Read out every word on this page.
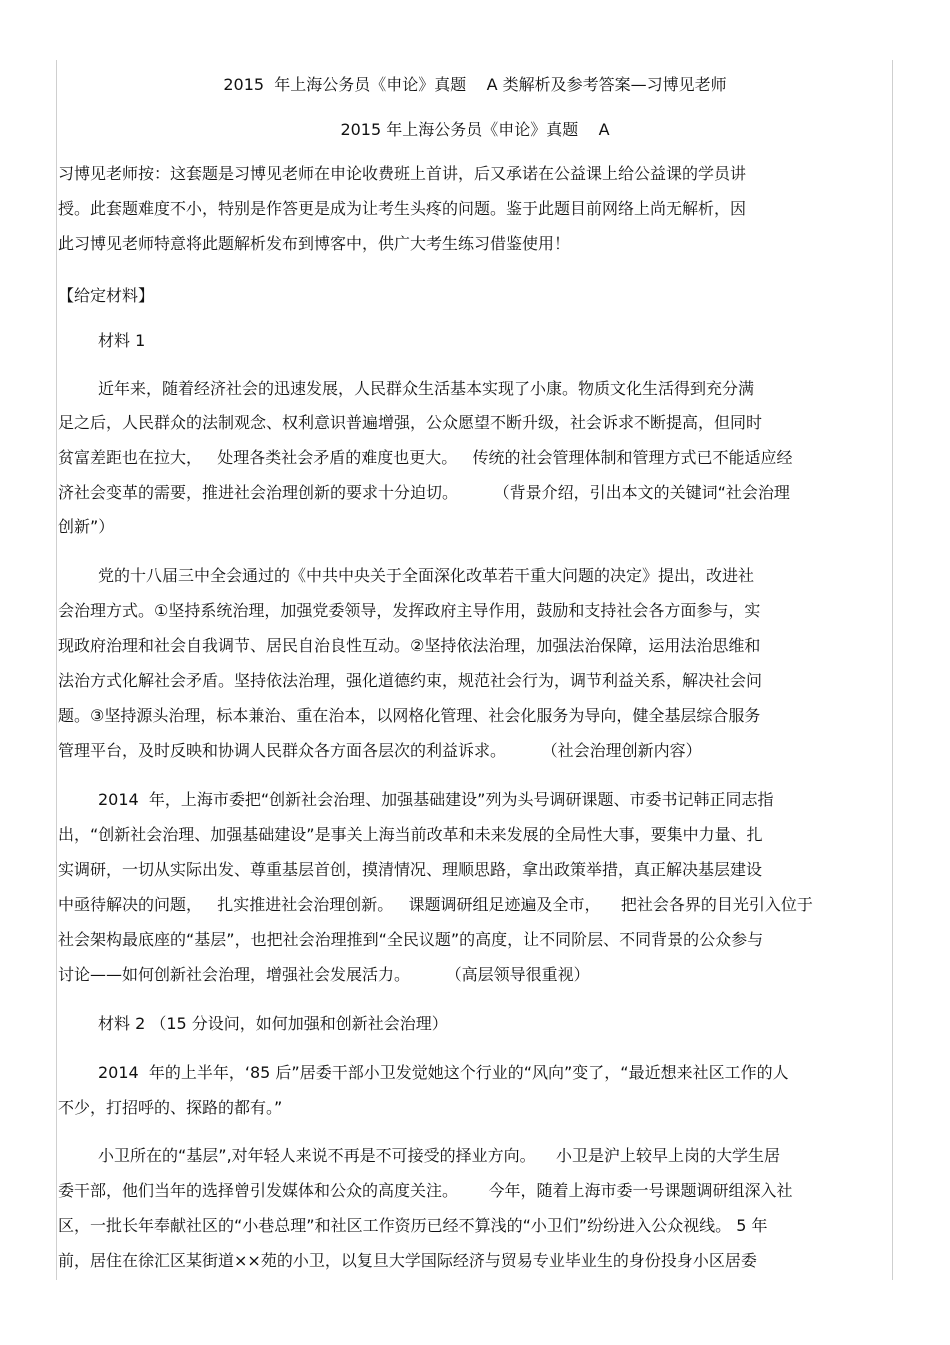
2015  年上海公务员《申论》真题    A 类解析及参考答案—习博见老师
2015 年上海公务员《申论》真题    A
习博见老师按：这套题是习博见老师在申论收费班上首讲，后又承诺在公益课上给公益课的学员讲
授。此套题难度不小，特别是作答更是成为让考生头疼的问题。鉴于此题目前网络上尚无解析，因
此习博见老师特意将此题解析发布到博客中，供广大考生练习借鉴使用！
【给定材料】
材料 1
近年来，随着经济社会的迅速发展，人民群众生活基本实现了小康。物质文化生活得到充分满
足之后，人民群众的法制观念、权利意识普遍增强，公众愿望不断升级，社会诉求不断提高，但同时
贫富差距也在拉大，   处理各类社会矛盾的难度也更大。   传统的社会管理体制和管理方式已不能适应经
济社会变革的需要，推进社会治理创新的要求十分迫切。       （背景介绍，引出本文的关键词“社会治理
创新”）
党的十八届三中全会通过的《中共中央关于全面深化改革若干重大问题的决定》提出，改进社
会治理方式。①坚持系统治理，加强党委领导，发挥政府主导作用，鼓励和支持社会各方面参与，实
现政府治理和社会自我调节、居民自治良性互动。②坚持依法治理，加强法治保障，运用法治思维和
法治方式化解社会矛盾。坚持依法治理，强化道德约束，规范社会行为，调节利益关系，解决社会问
题。③坚持源头治理，标本兼治、重在治本，以网格化管理、社会化服务为导向，健全基层综合服务
管理平台，及时反映和协调人民群众各方面各层次的利益诉求。       （社会治理创新内容）
2014  年，上海市委把“创新社会治理、加强基础建设”列为头号调研课题、市委书记韩正同志指
出，“创新社会治理、加强基础建设”是事关上海当前改革和未来发展的全局性大事，要集中力量、扎
实调研，一切从实际出发、尊重基层首创，摸清情况、理顺思路，拿出政策举措，真正解决基层建设
中亟待解决的问题，   扎实推进社会治理创新。   课题调研组足迹遍及全市，    把社会各界的目光引入位于
社会架构最底座的“基层”，也把社会治理推到“全民议题”的高度，让不同阶层、不同背景的公众参与
讨论——如何创新社会治理，增强社会发展活力。       （高层领导很重视）
材料 2 （15 分设问，如何加强和创新社会治理）
2014  年的上半年，‘85 后”居委干部小卫发觉她这个行业的“风向”变了，“最近想来社区工作的人
不少，打招呼的、探路的都有。”
小卫所在的“基层”,对年轻人来说不再是不可接受的择业方向。    小卫是沪上较早上岗的大学生居
委干部，他们当年的选择曾引发媒体和公众的高度关注。      今年，随着上海市委一号课题调研组深入社
区，一批长年奉献社区的“小巷总理”和社区工作资历已经不算浅的“小卫们”纷纷进入公众视线。 5 年
前，居住在徐汇区某街道××苑的小卫，以复旦大学国际经济与贸易专业毕业生的身份投身小区居委
